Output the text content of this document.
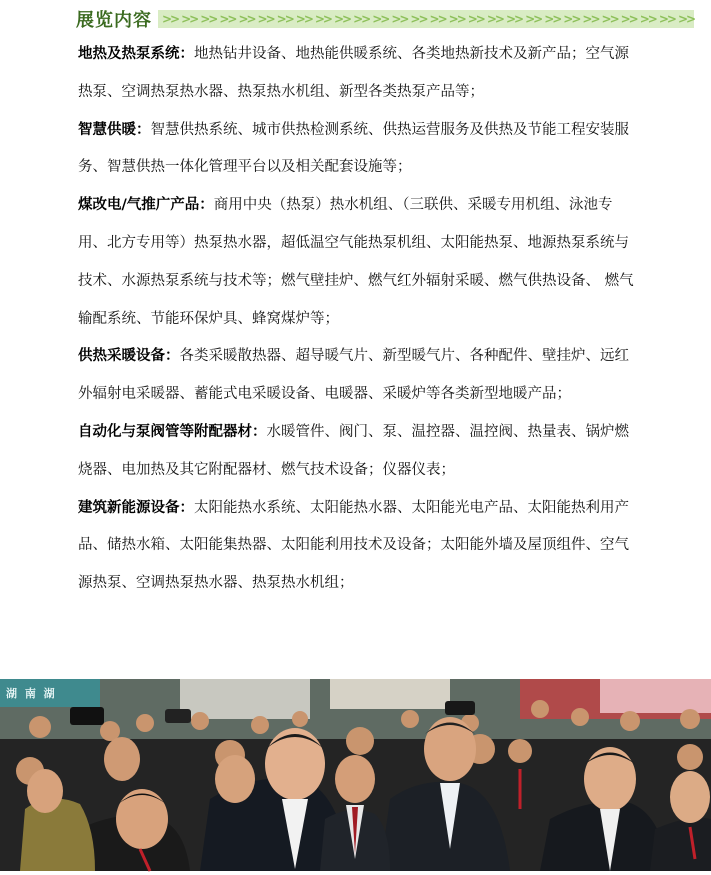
展览内容 >> >> >> >> >> >> >> >> >> >> >> >> >> >> >> >> >> >> >> >> >> >> >> >> >> >> >> >>

地热及热泵系统：地热钻井设备、地热能供暖系统、各类地热新技术及新产品；空气源热泵、空调热泵热水器、热泵热水机组、新型各类热泵产品等；

智慧供暖：智慧供热系统、城市供热检测系统、供热运营服务及供热及节能工程安装服务、智慧供热一体化管理平台以及相关配套设施等；

煤改电/气推广产品：商用中央（热泵）热水机组、（三联供、采暖专用机组、泳池专用、北方专用等）热泵热水器，超低温空气能热泵机组、太阳能热泵、地源热泵系统与技术、水源热泵系统与技术等；燃气壁挂炉、燃气红外辐射采暖、燃气供热设备、 燃气输配系统、节能环保炉具、蜂窝煤炉等；

供热采暖设备：各类采暖散热器、超导暖气片、新型暖气片、各种配件、壁挂炉、远红外辐射电采暖器、蓄能式电采暖设备、电暖器、采暖炉等各类新型地暖产品；

自动化与泵阀管等附配器材：水暖管件、阀门、泵、温控器、温控阀、热量表、锅炉燃烧器、电加热及其它附配器材、燃气技术设备；仪器仪表；

建筑新能源设备：太阳能热水系统、太阳能热水器、太阳能光电产品、太阳能热利用产品、储热水箱、太阳能集热器、太阳能利用技术及设备；太阳能外墙及屋顶组件、空气源热泵、空调热泵热水器、热泵热水机组；

湖 南 湖
